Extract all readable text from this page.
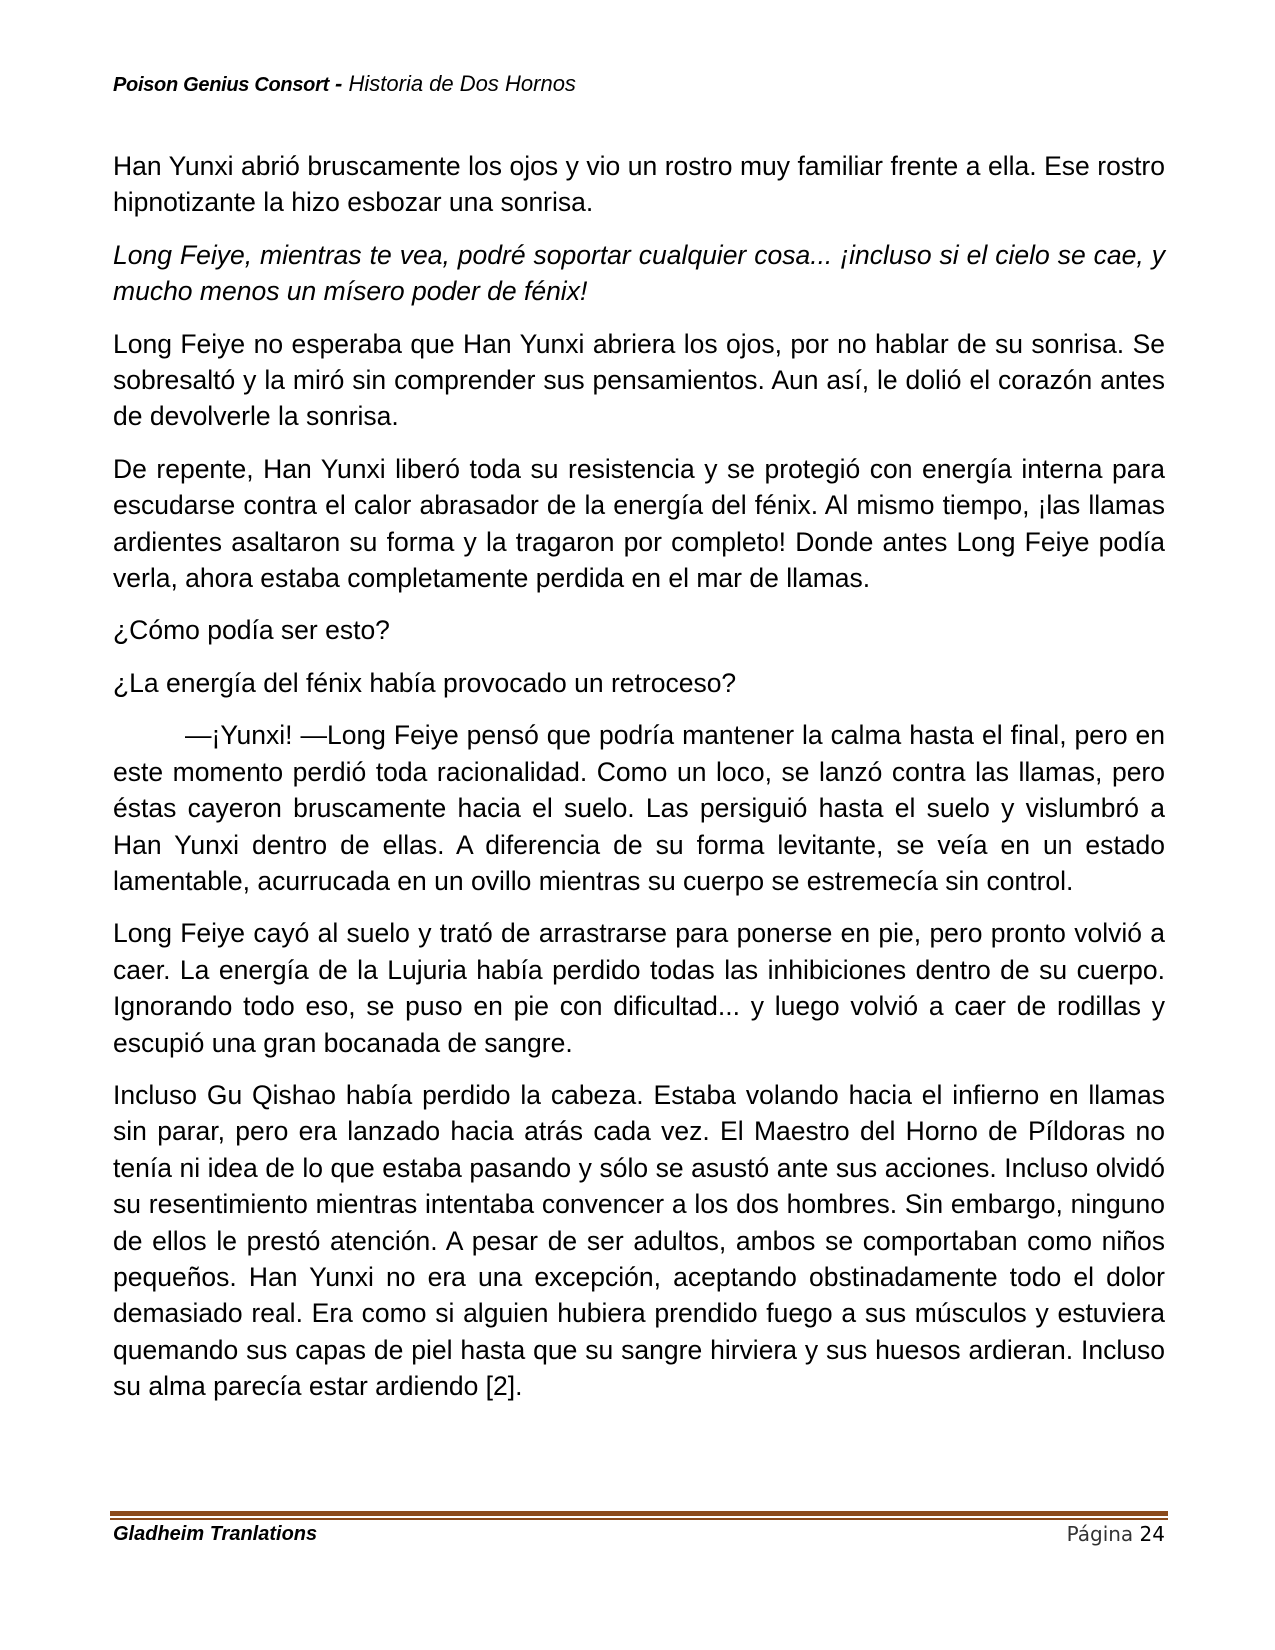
Poison Genius Consort - Historia de Dos Hornos

Han Yunxi abrió bruscamente los ojos y vio un rostro muy familiar frente a ella. Ese rostro hipnotizante la hizo esbozar una sonrisa.

Long Feiye, mientras te vea, podré soportar cualquier cosa... ¡incluso si el cielo se cae, y mucho menos un mísero poder de fénix!

Long Feiye no esperaba que Han Yunxi abriera los ojos, por no hablar de su sonrisa. Se sobresaltó y la miró sin comprender sus pensamientos. Aun así, le dolió el corazón antes de devolverle la sonrisa.

De repente, Han Yunxi liberó toda su resistencia y se protegió con energía interna para escudarse contra el calor abrasador de la energía del fénix. Al mismo tiempo, ¡las llamas ardientes asaltaron su forma y la tragaron por completo! Donde antes Long Feiye podía verla, ahora estaba completamente perdida en el mar de llamas.

¿Cómo podía ser esto?

¿La energía del fénix había provocado un retroceso?

—¡Yunxi! —Long Feiye pensó que podría mantener la calma hasta el final, pero en este momento perdió toda racionalidad. Como un loco, se lanzó contra las llamas, pero éstas cayeron bruscamente hacia el suelo. Las persiguió hasta el suelo y vislumbró a Han Yunxi dentro de ellas. A diferencia de su forma levitante, se veía en un estado lamentable, acurrucada en un ovillo mientras su cuerpo se estremecía sin control.

Long Feiye cayó al suelo y trató de arrastrarse para ponerse en pie, pero pronto volvió a caer. La energía de la Lujuria había perdido todas las inhibiciones dentro de su cuerpo. Ignorando todo eso, se puso en pie con dificultad... y luego volvió a caer de rodillas y escupió una gran bocanada de sangre.

Incluso Gu Qishao había perdido la cabeza. Estaba volando hacia el infierno en llamas sin parar, pero era lanzado hacia atrás cada vez. El Maestro del Horno de Píldoras no tenía ni idea de lo que estaba pasando y sólo se asustó ante sus acciones. Incluso olvidó su resentimiento mientras intentaba convencer a los dos hombres. Sin embargo, ninguno de ellos le prestó atención. A pesar de ser adultos, ambos se comportaban como niños pequeños. Han Yunxi no era una excepción, aceptando obstinadamente todo el dolor demasiado real. Era como si alguien hubiera prendido fuego a sus músculos y estuviera quemando sus capas de piel hasta que su sangre hirviera y sus huesos ardieran. Incluso su alma parecía estar ardiendo [2].

Gladheim Tranlations	Página 24
